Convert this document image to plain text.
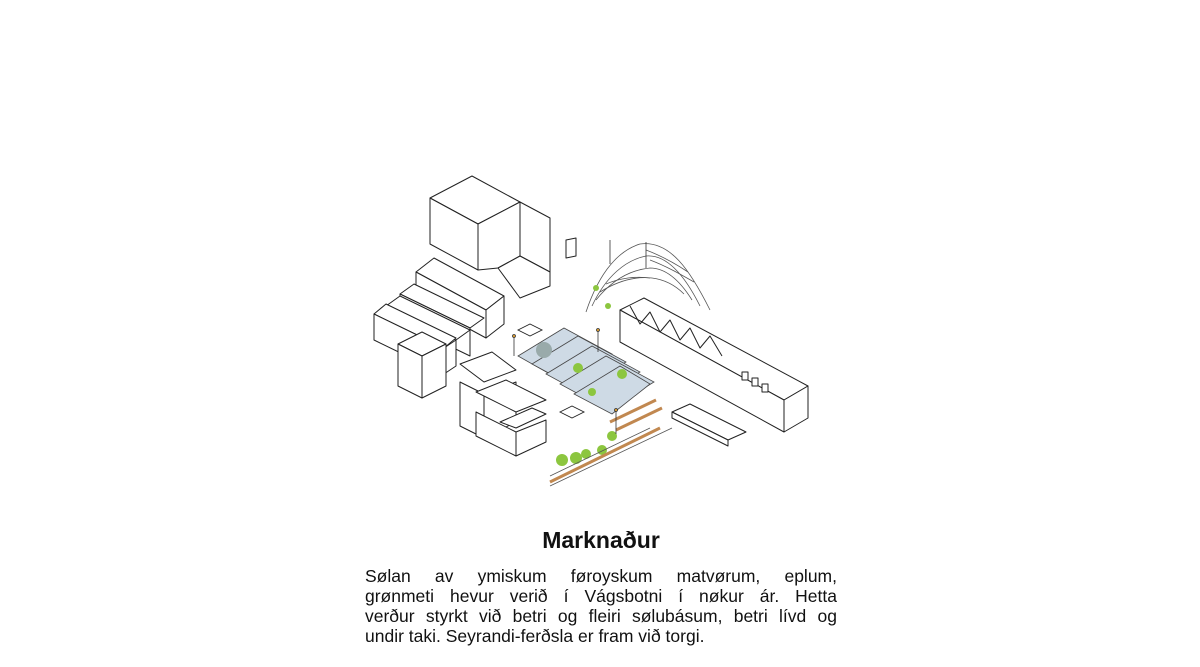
Marknaður
Sølan av ymiskum føroyskum matvørum, eplum,
grønmeti hevur verið í Vágsbotni í nøkur ár. Hetta
verður styrkt við betri og fleiri sølubásum, betri lívd og
undir taki. Seyrandi-ferðsla er fram við torgi.
